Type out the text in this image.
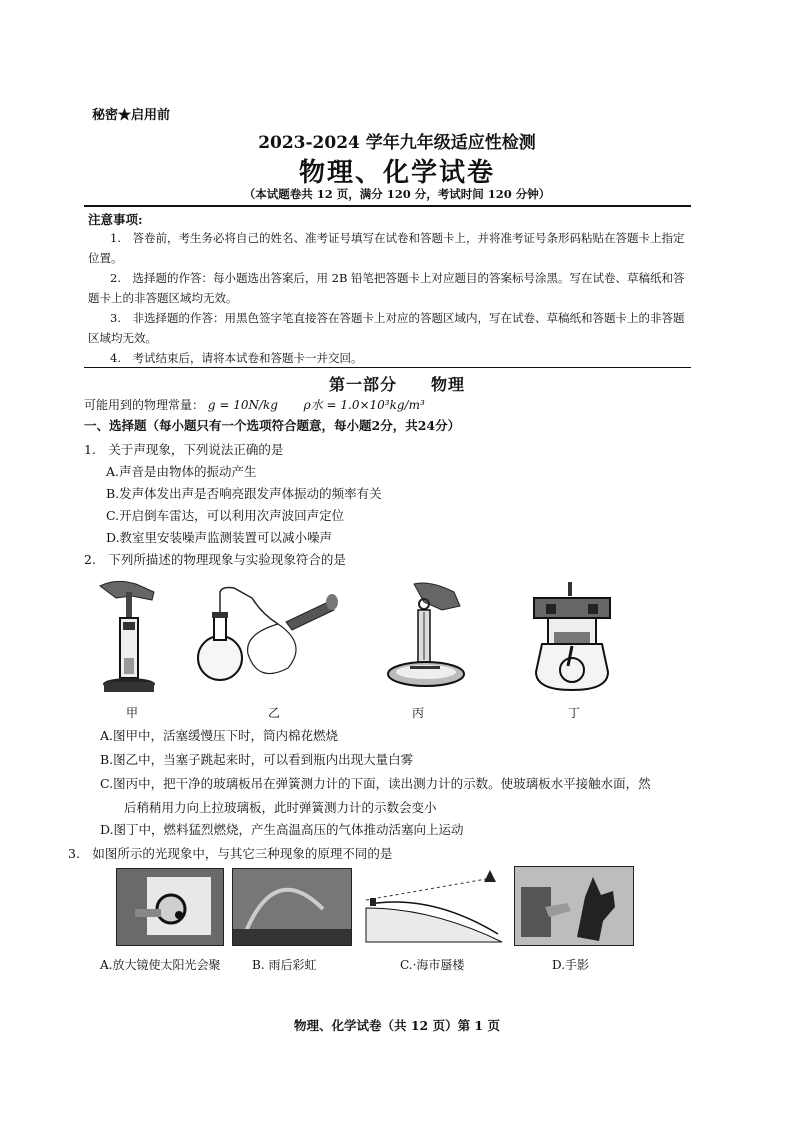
秘密★启用前
2023-2024 学年九年级适应性检测
物理、化学试卷
（本试题卷共 12 页，满分 120 分，考试时间 120 分钟）
注意事项:

1.　答卷前，考生务必将自己的姓名、准考证号填写在试卷和答题卡上，并将准考证号条形码粘贴在答题卡上指定位置。

2.　选择题的作答：每小题选出答案后，用 2B 铅笔把答题卡上对应题目的答案标号涂黑。写在试卷、草稿纸和答题卡上的非答题区域均无效。

3.　非选择题的作答：用黑色签字笔直接答在答题卡上对应的答题区域内，写在试卷、草稿纸和答题卡上的非答题区域均无效。

4.　考试结束后，请将本试卷和答题卡一并交回。

第一部分　　物理
可能用到的物理常量： g = 10N/kg ρ水 = 1.0×10³kg/m³
一、选择题（每小题只有一个选项符合题意，每小题2分，共24分）
1.　关于声现象，下列说法正确的是
A.声音是由物体的振动产生
B.发声体发出声是否响亮跟发声体振动的频率有关
C.开启倒车雷达，可以利用次声波回声定位
D.教室里安装噪声监测装置可以减小噪声
2.　下列所描述的物理现象与实验现象符合的是
甲	乙	丙	丁
A.图甲中，活塞缓慢压下时，筒内棉花燃烧
B.图乙中，当塞子跳起来时，可以看到瓶内出现大量白雾
C.图丙中，把干净的玻璃板吊在弹簧测力计的下面，读出测力计的示数。使玻璃板水平接触水面，然
后稍稍用力向上拉玻璃板，此时弹簧测力计的示数会变小
D.图丁中，燃料猛烈燃烧，产生高温高压的气体推动活塞向上运动
3.　如图所示的光现象中，与其它三种现象的原理不同的是
A.放大镜使太阳光会聚	B. 雨后彩虹	C.·海市蜃楼	D.手影
物理、化学试卷（共 12 页）第 1 页
